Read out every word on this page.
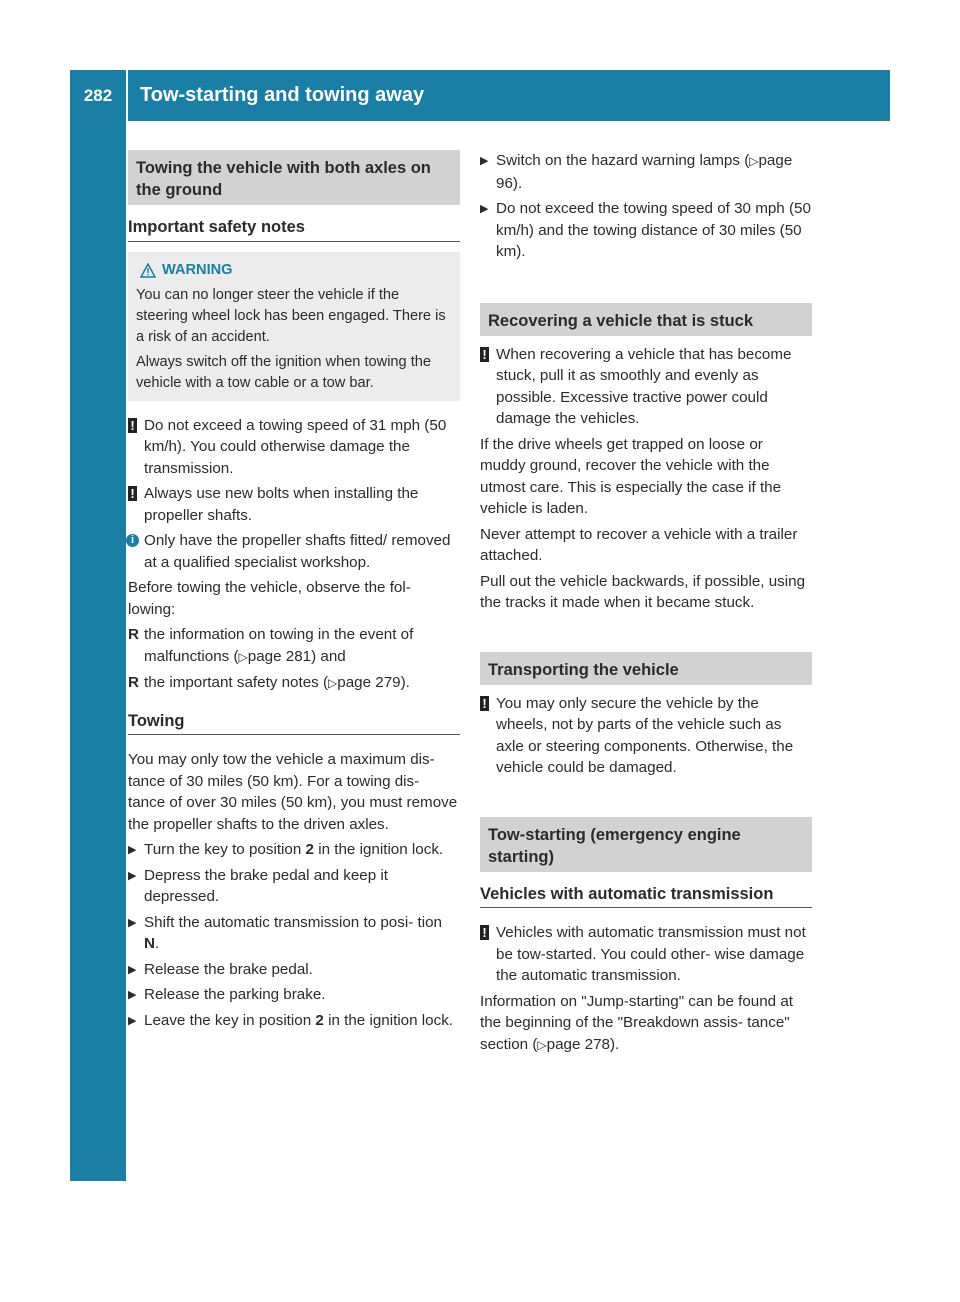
282	Tow-starting and towing away
Breakdown assistance
Towing the vehicle with both axles on the ground
Important safety notes
WARNING

You can no longer steer the vehicle if the steering wheel lock has been engaged. There is a risk of an accident.

Always switch off the ignition when towing the vehicle with a tow cable or a tow bar.

! Do not exceed a towing speed of 31 mph (50 km/h). You could otherwise damage the transmission.
! Always use new bolts when installing the propeller shafts.
i Only have the propeller shafts fitted/ removed at a qualified specialist workshop.

Before towing the vehicle, observe the fol- lowing:

R the information on towing in the event of malfunctions (▷page 281) and
R the important safety notes (▷page 279).
Towing

You may only tow the vehicle a maximum dis- tance of 30 miles (50 km). For a towing dis- tance of over 30 miles (50 km), you must remove the propeller shafts to the driven axles.

▶ Turn the key to position 2 in the ignition lock.
▶ Depress the brake pedal and keep it depressed.
▶ Shift the automatic transmission to posi- tion N.
▶ Release the brake pedal.
▶ Release the parking brake.
▶ Leave the key in position 2 in the ignition lock.
▶ Switch on the hazard warning lamps (▷page 96).
▶ Do not exceed the towing speed of 30 mph (50 km/h) and the towing distance of 30 miles (50 km).
Recovering a vehicle that is stuck
! When recovering a vehicle that has become stuck, pull it as smoothly and evenly as possible. Excessive tractive power could damage the vehicles.

If the drive wheels get trapped on loose or muddy ground, recover the vehicle with the utmost care. This is especially the case if the vehicle is laden.

Never attempt to recover a vehicle with a trailer attached.

Pull out the vehicle backwards, if possible, using the tracks it made when it became stuck.

Transporting the vehicle
! You may only secure the vehicle by the wheels, not by parts of the vehicle such as axle or steering components. Otherwise, the vehicle could be damaged.
Tow-starting (emergency engine starting)
Vehicles with automatic transmission
! Vehicles with automatic transmission must not be tow-started. You could other- wise damage the automatic transmission.

Information on "Jump-starting" can be found at the beginning of the "Breakdown assis- tance" section (▷page 278).
